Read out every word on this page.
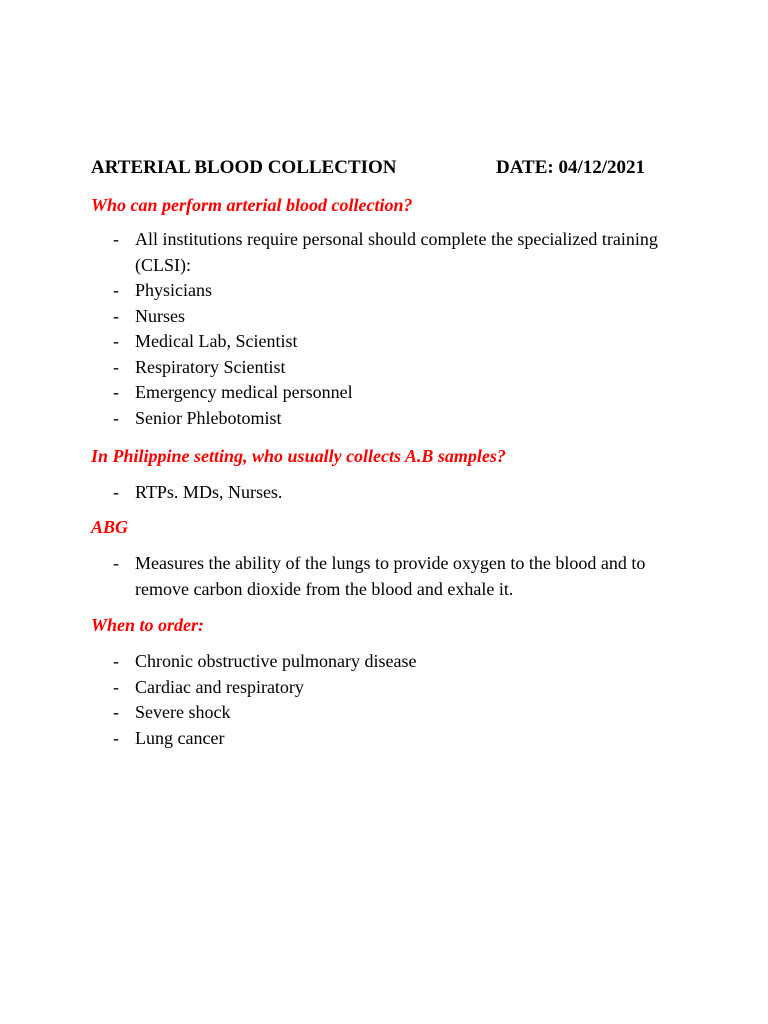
ARTERIAL BLOOD COLLECTION	DATE: 04/12/2021
Who can perform arterial blood collection?
- All institutions require personal should complete the specialized training (CLSI):
- Physicians
- Nurses
- Medical Lab, Scientist
- Respiratory Scientist
- Emergency medical personnel
- Senior Phlebotomist
In Philippine setting, who usually collects A.B samples?
- RTPs. MDs, Nurses.
ABG
- Measures the ability of the lungs to provide oxygen to the blood and to remove carbon dioxide from the blood and exhale it.
When to order:
- Chronic obstructive pulmonary disease
- Cardiac and respiratory
- Severe shock
- Lung cancer
